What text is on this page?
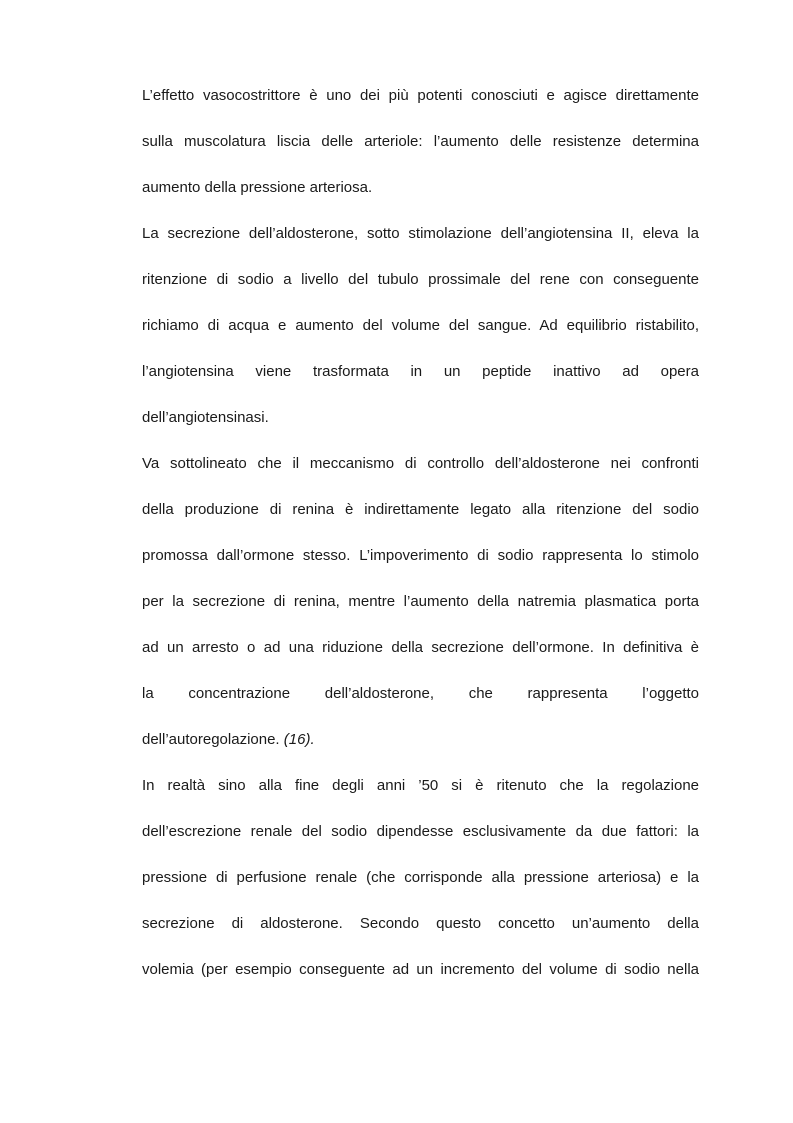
L’effetto vasocostrittore è uno dei più potenti conosciuti e agisce direttamente
sulla muscolatura liscia delle arteriole: l’aumento delle resistenze determina
aumento della pressione arteriosa.
La secrezione dell’aldosterone, sotto stimolazione dell’angiotensina II, eleva la
ritenzione di sodio a livello del tubulo prossimale del rene con conseguente
richiamo di acqua e aumento del volume del sangue. Ad equilibrio ristabilito,
l’angiotensina viene trasformata in un peptide inattivo ad opera
dell’angiotensinasi.
Va sottolineato che il meccanismo di controllo dell’aldosterone nei confronti
della produzione di renina è indirettamente legato alla ritenzione del sodio
promossa dall’ormone stesso. L’impoverimento di sodio rappresenta lo stimolo
per la secrezione di renina, mentre l’aumento della natremia plasmatica porta
ad un arresto o ad una riduzione della secrezione dell’ormone. In definitiva è
la concentrazione dell’aldosterone, che rappresenta l’oggetto
dell’autoregolazione. (16).
In realtà sino alla fine degli anni ’50 si è ritenuto che la regolazione
dell’escrezione renale del sodio dipendesse esclusivamente da due fattori: la
pressione di perfusione renale (che corrisponde alla pressione arteriosa) e la
secrezione di aldosterone. Secondo questo concetto un’aumento della
volemia (per esempio conseguente ad un incremento del volume di sodio nella
